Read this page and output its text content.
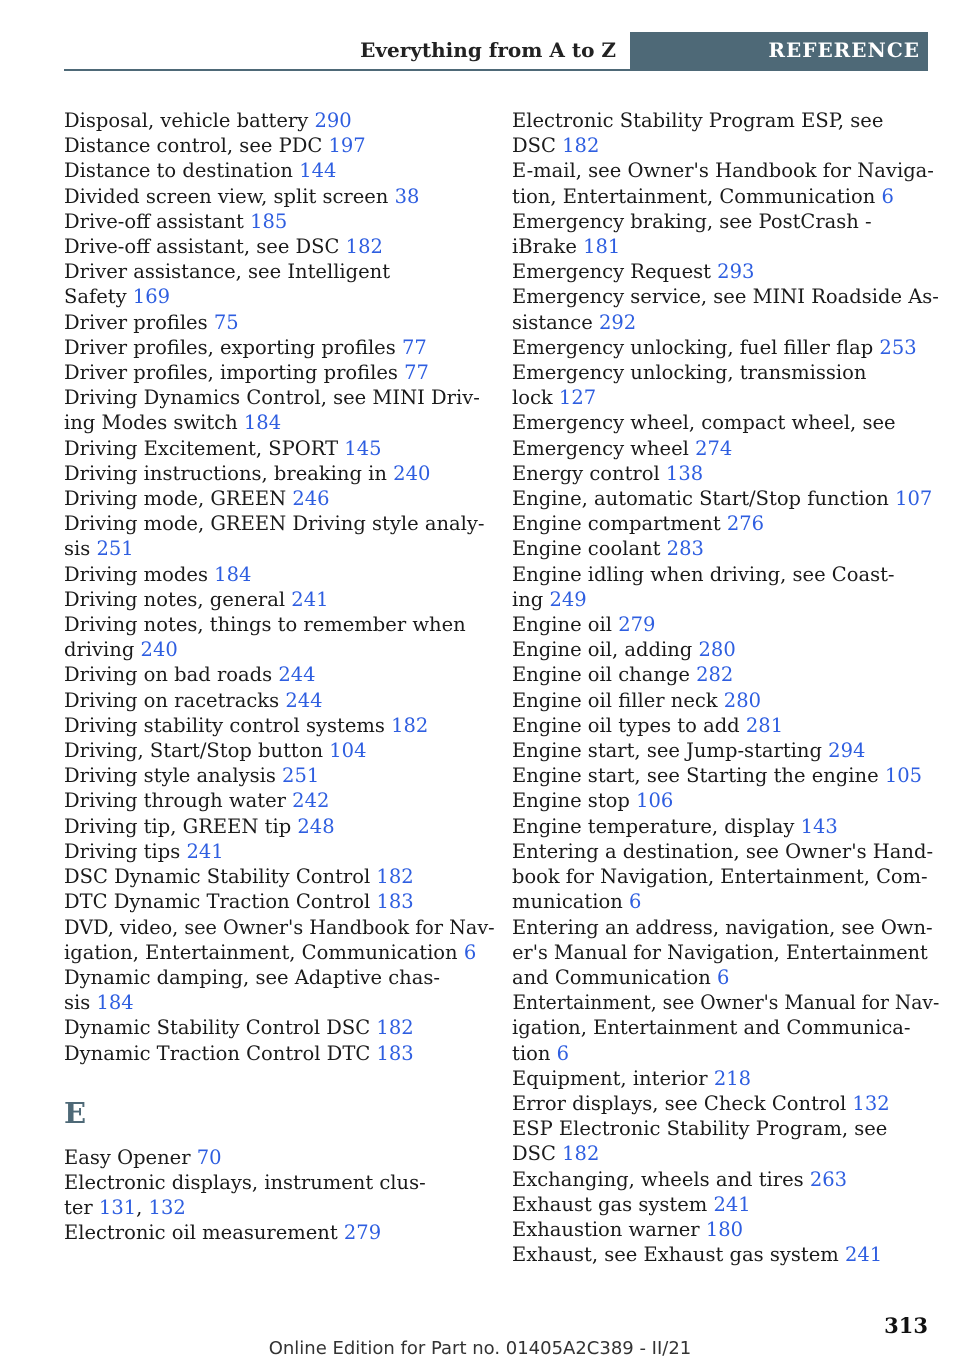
Everything from A to Z	REFERENCE
Disposal, vehicle battery 290
Distance control, see PDC 197
Distance to destination 144
Divided screen view, split screen 38
Drive-off assistant 185
Drive-off assistant, see DSC 182
Driver assistance, see Intelligent
Safety 169
Driver profiles 75
Driver profiles, exporting profiles 77
Driver profiles, importing profiles 77
Driving Dynamics Control, see MINI Driv-
ing Modes switch 184
Driving Excitement, SPORT 145
Driving instructions, breaking in 240
Driving mode, GREEN 246
Driving mode, GREEN Driving style analy-
sis 251
Driving modes 184
Driving notes, general 241
Driving notes, things to remember when
driving 240
Driving on bad roads 244
Driving on racetracks 244
Driving stability control systems 182
Driving, Start/Stop button 104
Driving style analysis 251
Driving through water 242
Driving tip, GREEN tip 248
Driving tips 241
DSC Dynamic Stability Control 182
DTC Dynamic Traction Control 183
DVD, video, see Owner's Handbook for Nav-
igation, Entertainment, Communication 6
Dynamic damping, see Adaptive chas-
sis 184
Dynamic Stability Control DSC 182
Dynamic Traction Control DTC 183
E
Easy Opener 70
Electronic displays, instrument clus-
ter 131, 132
Electronic oil measurement 279
Electronic Stability Program ESP, see
DSC 182
E-mail, see Owner's Handbook for Naviga-
tion, Entertainment, Communication 6
Emergency braking, see PostCrash -
iBrake 181
Emergency Request 293
Emergency service, see MINI Roadside As-
sistance 292
Emergency unlocking, fuel filler flap 253
Emergency unlocking, transmission
lock 127
Emergency wheel, compact wheel, see
Emergency wheel 274
Energy control 138
Engine, automatic Start/Stop function 107
Engine compartment 276
Engine coolant 283
Engine idling when driving, see Coast-
ing 249
Engine oil 279
Engine oil, adding 280
Engine oil change 282
Engine oil filler neck 280
Engine oil types to add 281
Engine start, see Jump-starting 294
Engine start, see Starting the engine 105
Engine stop 106
Engine temperature, display 143
Entering a destination, see Owner's Hand-
book for Navigation, Entertainment, Com-
munication 6
Entering an address, navigation, see Own-
er's Manual for Navigation, Entertainment
and Communication 6
Entertainment, see Owner's Manual for Nav-
igation, Entertainment and Communica-
tion 6
Equipment, interior 218
Error displays, see Check Control 132
ESP Electronic Stability Program, see
DSC 182
Exchanging, wheels and tires 263
Exhaust gas system 241
Exhaustion warner 180
Exhaust, see Exhaust gas system 241
313
Online Edition for Part no. 01405A2C389 - II/21
